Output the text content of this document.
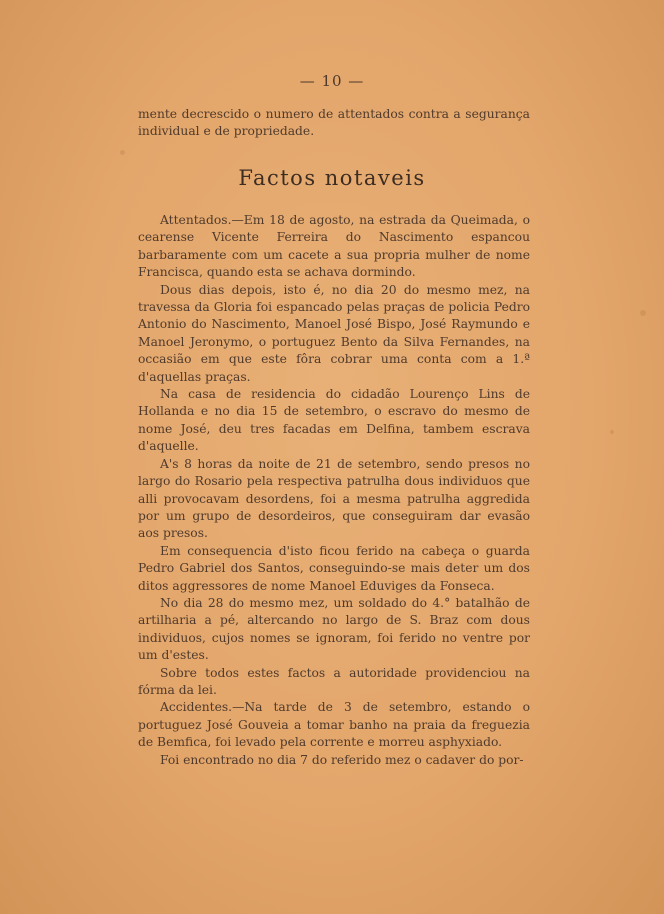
— 10 —

mente decrescido o numero de attentados contra a segurança individual e de propriedade.

Factos notaveis

Attentados.—Em 18 de agosto, na estrada da Queimada, o cearense Vicente Ferreira do Nascimento espancou barbaramente com um cacete a sua propria mulher de nome Francisca, quando esta se achava dormindo.

Dous dias depois, isto é, no dia 20 do mesmo mez, na travessa da Gloria foi espancado pelas praças de policia Pedro Antonio do Nascimento, Manoel José Bispo, José Raymundo e Manoel Jeronymo, o portuguez Bento da Silva Fernandes, na occasião em que este fôra cobrar uma conta com a 1.ª d'aquellas praças.

Na casa de residencia do cidadão Lourenço Lins de Hollanda e no dia 15 de setembro, o escravo do mesmo de nome José, deu tres facadas em Delfina, tambem escrava d'aquelle.

A's 8 horas da noite de 21 de setembro, sendo presos no largo do Rosario pela respectiva patrulha dous individuos que alli provocavam desordens, foi a mesma patrulha aggredida por um grupo de desordeiros, que conseguiram dar evasão aos presos.

Em consequencia d'isto ficou ferido na cabeça o guarda Pedro Gabriel dos Santos, conseguindo-se mais deter um dos ditos aggressores de nome Manoel Eduviges da Fonseca.

No dia 28 do mesmo mez, um soldado do 4.° batalhão de artilharia a pé, altercando no largo de S. Braz com dous individuos, cujos nomes se ignoram, foi ferido no ventre por um d'estes.

Sobre todos estes factos a autoridade providenciou na fórma da lei.

Accidentes.—Na tarde de 3 de setembro, estando o portuguez José Gouveia a tomar banho na praia da freguezia de Bemfica, foi levado pela corrente e morreu asphyxiado.

Foi encontrado no dia 7 do referido mez o cadaver do por-
